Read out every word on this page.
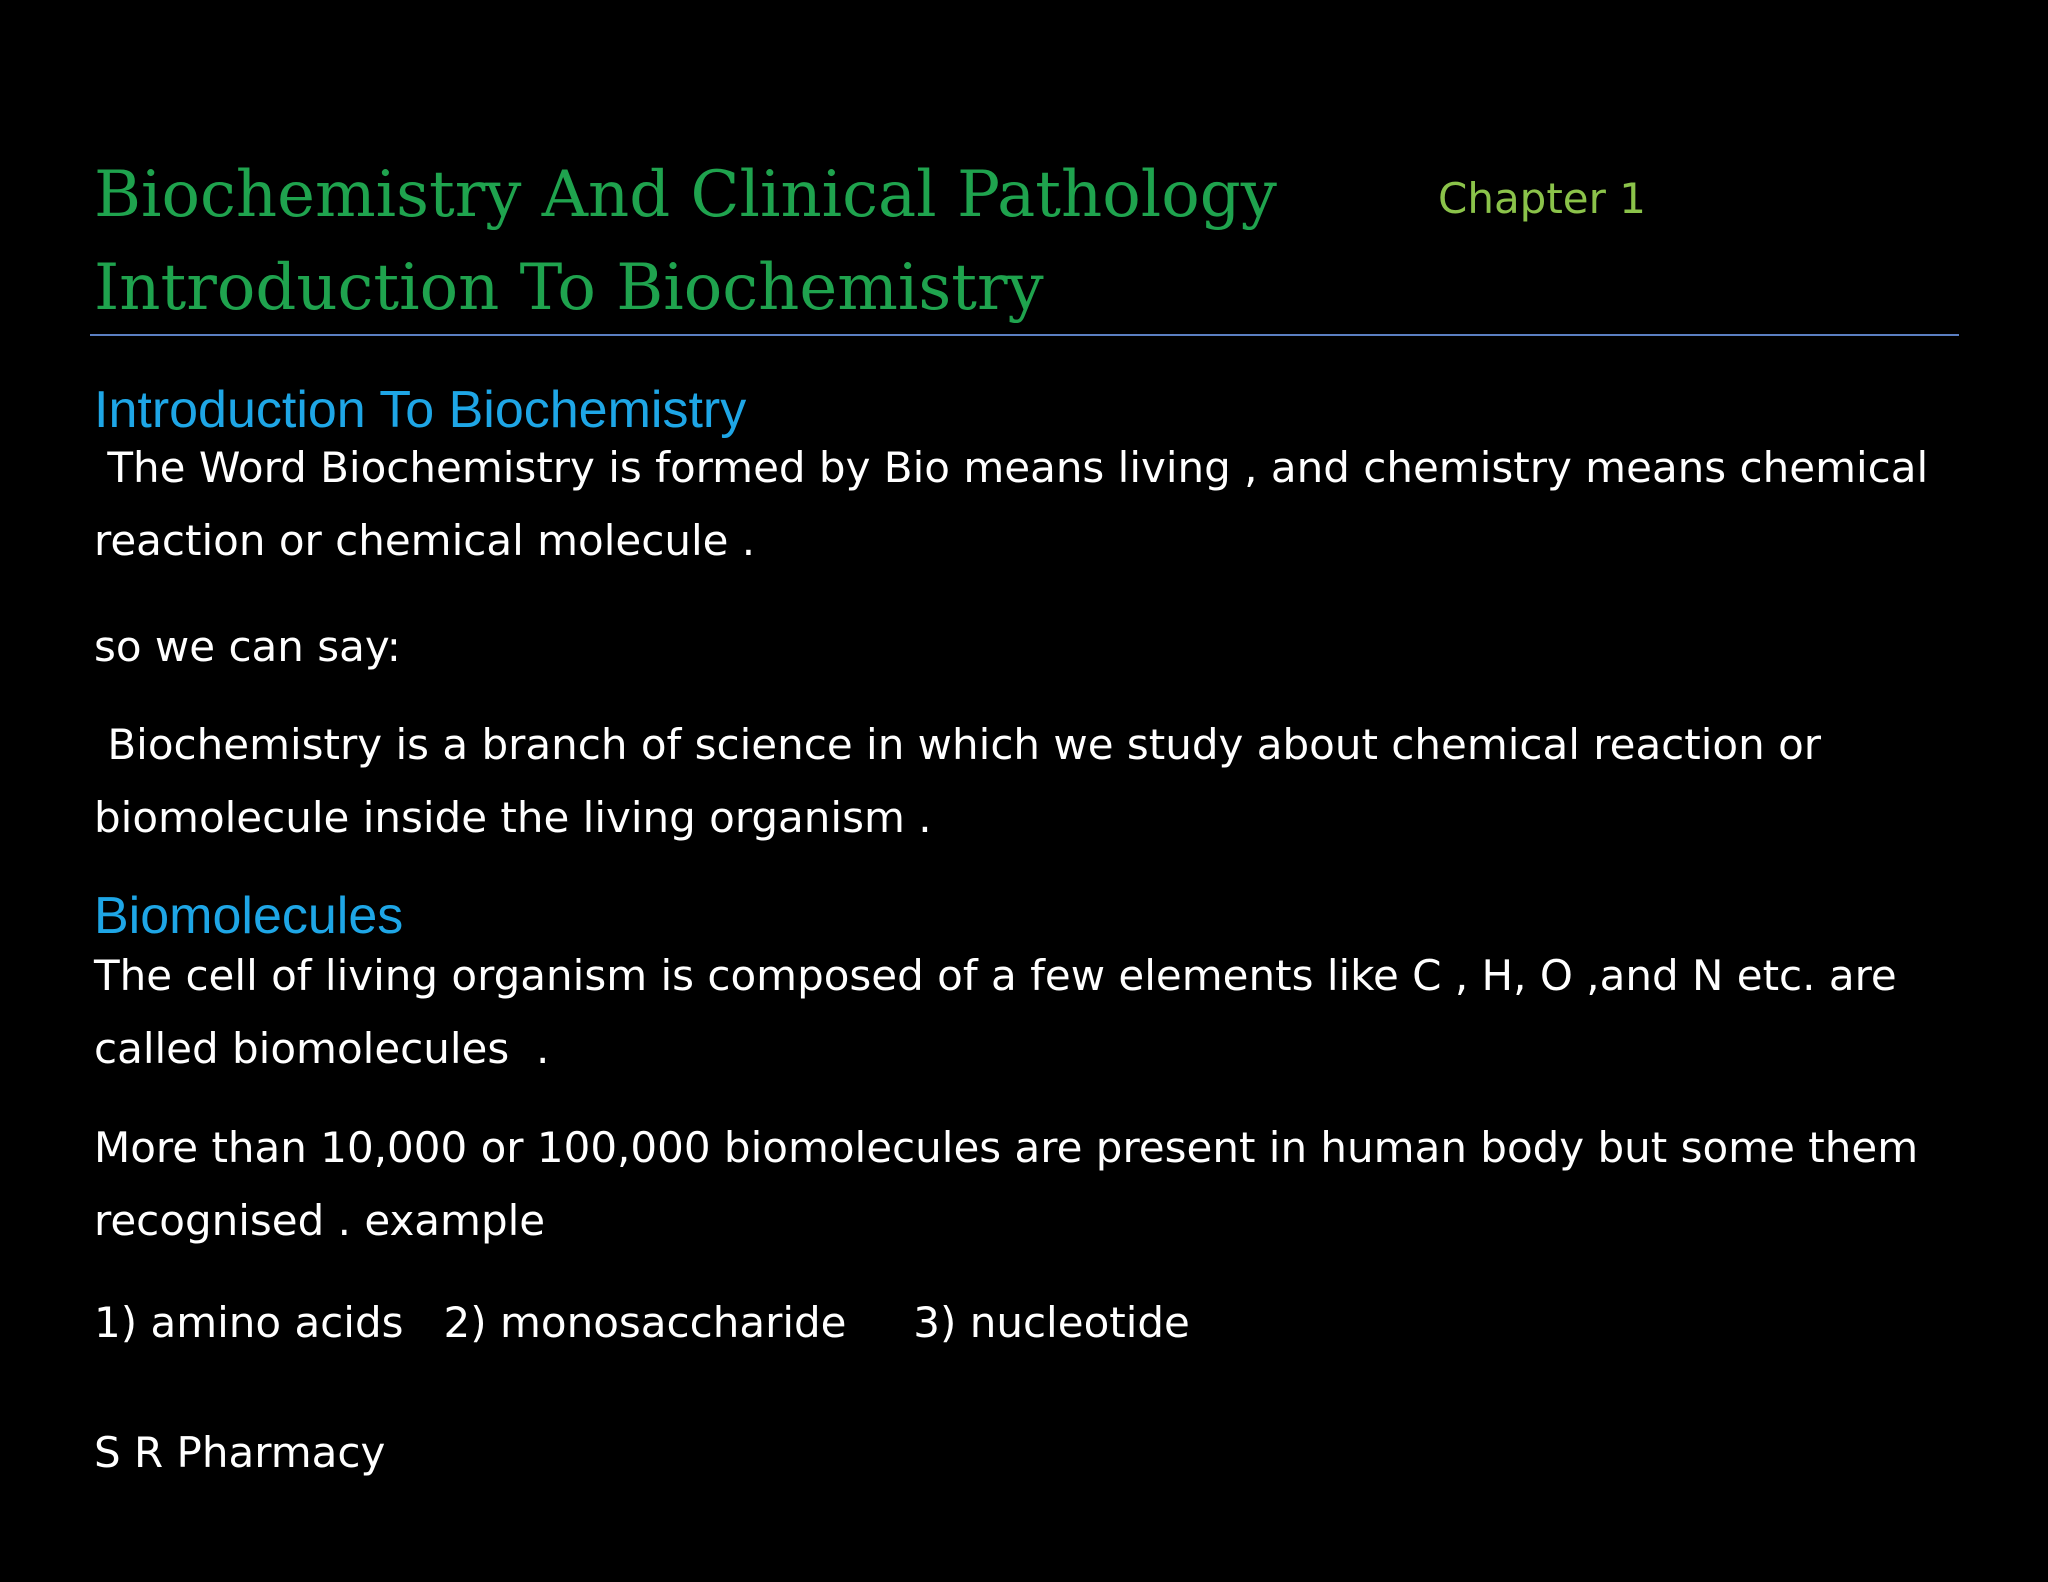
Biochemistry And Clinical Pathology
Introduction To Biochemistry
Chapter 1
Introduction To Biochemistry
The Word Biochemistry is formed by Bio means living , and chemistry means chemical
reaction or chemical molecule .
so we can say:
Biochemistry is a branch of science in which we study about chemical reaction or
biomolecule inside the living organism .
Biomolecules
The cell of living organism is composed of a few elements like C , H, O ,and N etc. are
called biomolecules  .
More than 10,000 or 100,000 biomolecules are present in human body but some them
recognised . example
1) amino acids   2) monosaccharide     3) nucleotide
S R Pharmacy
